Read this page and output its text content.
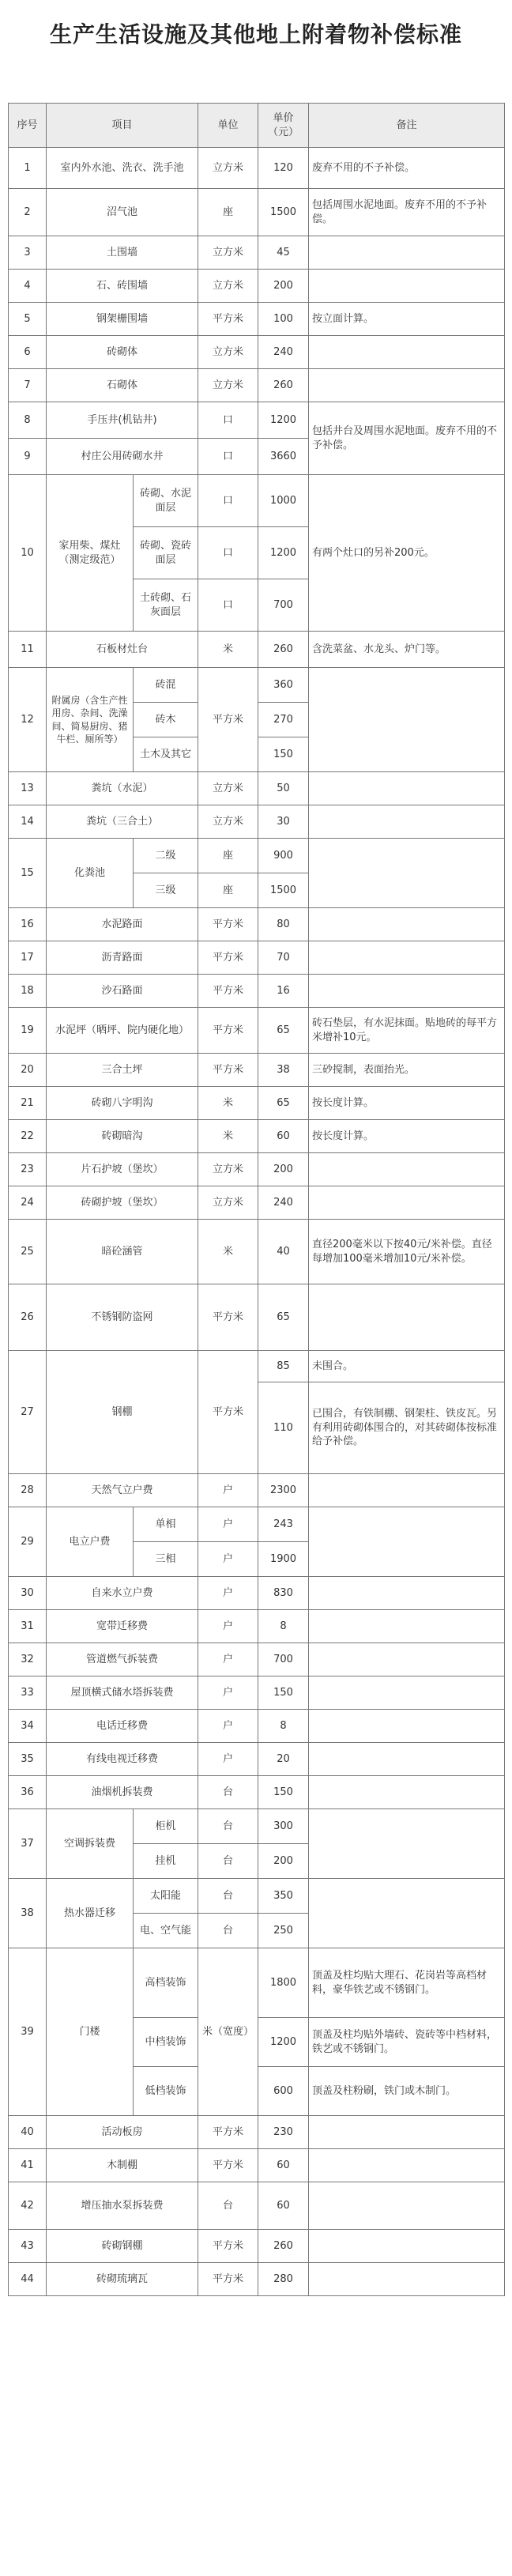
生产生活设施及其他地上附着物补偿标准
序号	项目		单位	单价（元）	备注
1	室内外水池、洗衣、洗手池		立方米	120	废弃不用的不予补偿。
2	沼气池		座	1500	包括周围水泥地面。废弃不用的不予补偿。
3	土围墙		立方米	45	
4	石、砖围墙		立方米	200	
5	钢架栅围墙		平方米	100	按立面计算。
6	砖砌体		立方米	240	
7	石砌体		立方米	260	
8	手压井(机钻井)		口	1200	包括井台及周围水泥地面。废弃不用的不予补偿。
9	村庄公用砖砌水井		口	3660	
10	家用柴、煤灶（测定级范）	砖砌、水泥面层	口	1000	有两个灶口的另补200元。
		砖砌、瓷砖面层	口	1200	
		土砖砌、石灰面层	口	700	
11	石板材灶台		米	260	含洗菜盆、水龙头、炉门等。
12	附属房（含生产性用房、杂间、洗澡间、简易厨房、猪牛栏、厕所等）	砖混	平方米	360	
		砖木		270	
		土木及其它		150	
13	粪坑（水泥）		立方米	50	
14	粪坑（三合土）		立方米	30	
15	化粪池	二级	座	900	
		三级	座	1500	
16	水泥路面		平方米	80	
17	沥青路面		平方米	70	
18	沙石路面		平方米	16	
19	水泥坪（晒坪、院内硬化地）		平方米	65	砖石垫层，有水泥抹面。贴地砖的每平方米增补10元。
20	三合土坪		平方米	38	三砂搅制，表面抬光。
21	砖砌八字明沟		米	65	按长度计算。
22	砖砌暗沟		米	60	按长度计算。
23	片石护坡（堡坎）		立方米	200	
24	砖砌护坡（堡坎）		立方米	240	
25	暗砼涵管		米	40	直径200毫米以下按40元/米补偿。直径每增加100毫米增加10元/米补偿。
26	不锈钢防盗网		平方米	65	
27	钢棚		平方米	85	未围合。
				110	已围合，有铁制棚、钢架柱、铁皮瓦。另有利用砖砌体围合的，对其砖砌体按标准给予补偿。
28	天然气立户费		户	2300	
29	电立户费	单相	户	243	
		三相	户	1900	
30	自来水立户费		户	830	
31	宽带迁移费		户	8	
32	管道燃气拆装费		户	700	
33	屋顶横式储水塔拆装费		户	150	
34	电话迁移费		户	8	
35	有线电视迁移费		户	20	
36	油烟机拆装费		台	150	
37	空调拆装费	柜机	台	300	
		挂机	台	200	
38	热水器迁移	太阳能	台	350	
		电、空气能	台	250	
39	门楼	高档装饰	米（宽度）	1800	顶盖及柱均贴大理石、花岗岩等高档材料，豪华铁艺或不锈钢门。
		中档装饰		1200	顶盖及柱均贴外墙砖、瓷砖等中档材料，铁艺或不锈钢门。
		低档装饰		600	顶盖及柱粉刷，铁门或木制门。
40	活动板房		平方米	230	
41	木制棚		平方米	60	
42	增压抽水泵拆装费		台	60	
43	砖砌钢棚		平方米	260	
44	砖砌琉璃瓦		平方米	280	
